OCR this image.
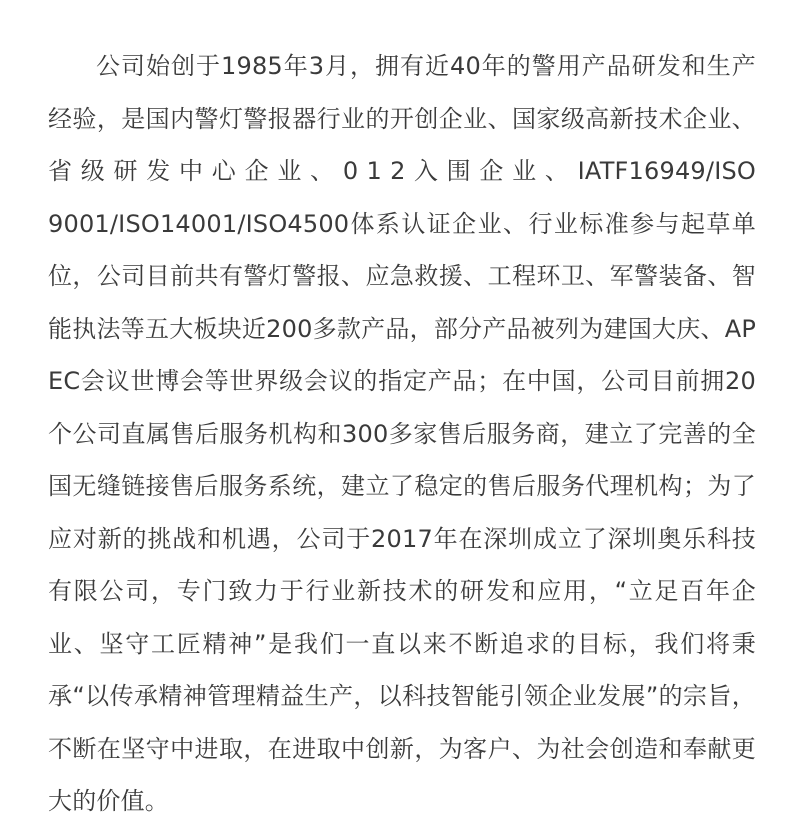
公司始创于1985年3月，拥有近40年的警用产品研发和生产 经验，是国内警灯警报器行业的开创企业、国家级高新技术企业、省 级 研 发 中 心 企 业 、 0 1 2 入 围 企 业 、 IATF16949/ISO9001/ISO14001/ISO4500体系认证企业、行业标准参与起草单位，公司目前共有警灯警报、应急救援、工程环卫、军警装备、智能执法等五大板块近200多款产品，部分产品被列为建国大庆、APEC会议世博会等世界级会议的指定产品；在中国，公司目前拥20个公司直属售后服务机构和300多家售后服务商，建立了完善的全国无缝链接售后服务系统，建立了稳定的售后服务代理机构；为了应对新的挑战和机遇，公司于2017年在深圳成立了深圳奥乐科技有限公司，专门致力于行业新技术的研发和应用，“立足百年企业、坚守工匠精神”是我们一直以来不断追求的目标，我们将秉承“以传承精神管理精益生产，以科技智能引领企业发展”的宗旨，不断在坚守中进取，在进取中创新，为客户、为社会创造和奉献更大的价值。
